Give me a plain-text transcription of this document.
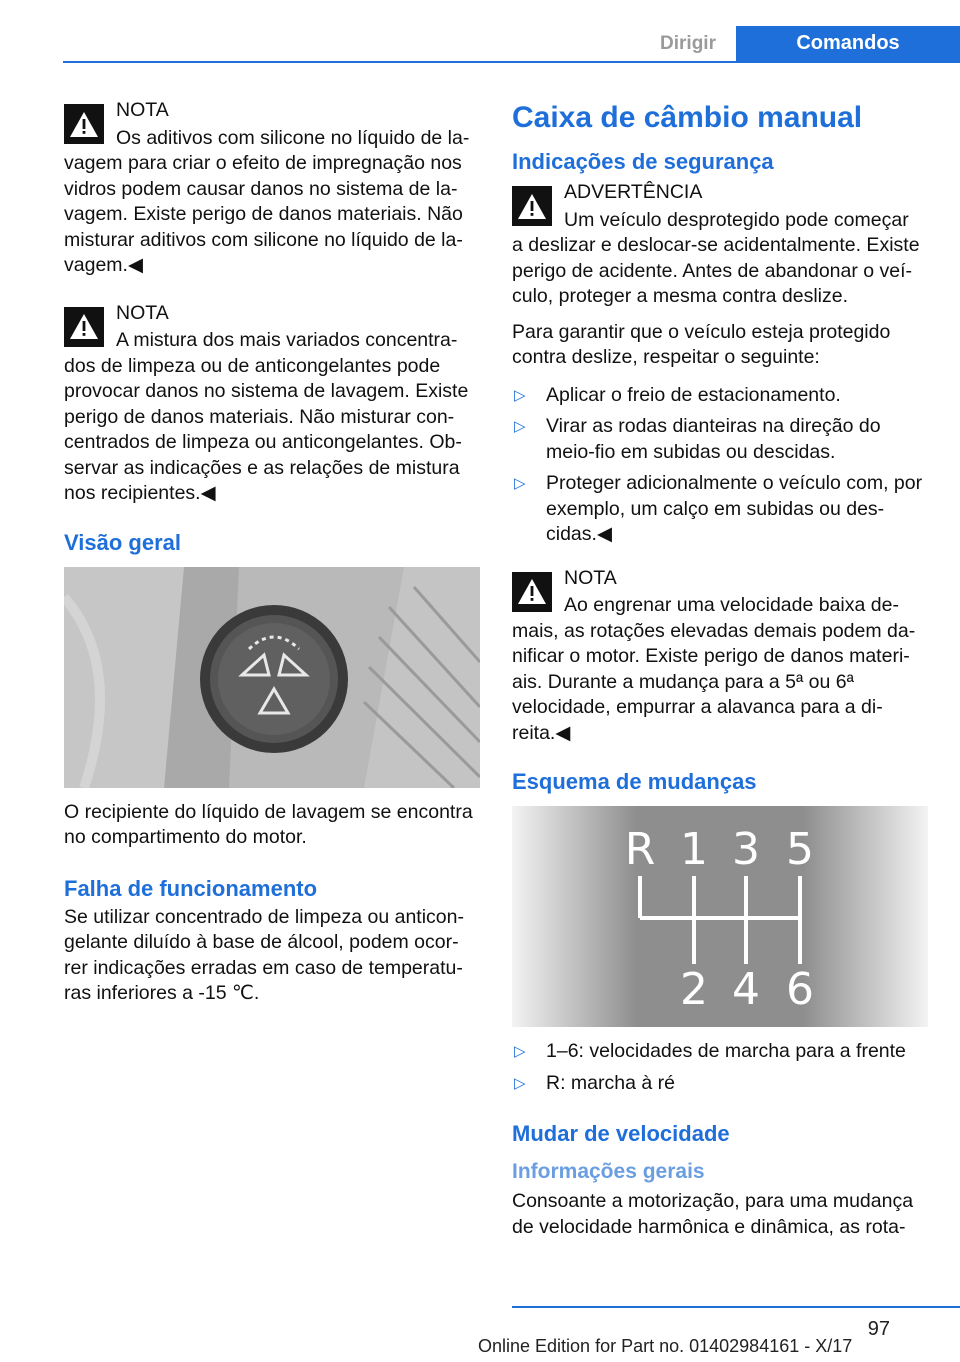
Dirigir	Comandos
NOTA
Os aditivos com silicone no líquido de la‐
vagem para criar o efeito de impregnação nos vidros podem causar danos no sistema de la‐vagem. Existe perigo de danos materiais. Não misturar aditivos com silicone no líquido de la‐vagem.◀
NOTA
A mistura dos mais variados concentra‐
dos de limpeza ou de anticongelantes pode provocar danos no sistema de lavagem. Existe perigo de danos materiais. Não misturar con‐centrados de limpeza ou anticongelantes. Ob‐servar as indicações e as relações de mistura nos recipientes.◀
Visão geral

O recipiente do líquido de lavagem se encontra no compartimento do motor.

Falha de funcionamento

Se utilizar concentrado de limpeza ou anticon‐gelante diluído à base de álcool, podem ocor‐rer indicações erradas em caso de temperatu‐ras inferiores a -15 ℃.

Caixa de câmbio manual
Indicações de segurança
ADVERTÊNCIA
Um veículo desprotegido pode começar
a deslizar e deslocar-se acidentalmente. Existe perigo de acidente. Antes de abandonar o veí‐culo, proteger a mesma contra deslize.

Para garantir que o veículo esteja protegido contra deslize, respeitar o seguinte:

▷ Aplicar o freio de estacionamento.
▷ Virar as rodas dianteiras na direção do meio-fio em subidas ou descidas.
▷ Proteger adicionalmente o veículo com, por exemplo, um calço em subidas ou des‐cidas.◀
NOTA
Ao engrenar uma velocidade baixa de‐
mais, as rotações elevadas demais podem da‐nificar o motor. Existe perigo de danos materi‐ais. Durante a mudança para a 5ª ou 6ª velocidade, empurrar a alavanca para a di‐reita.◀
Esquema de mudanças
R 1 3 5
2 4 6
▷ 1–6: velocidades de marcha para a frente
▷ R: marcha à ré
Mudar de velocidade
Informações gerais

Consoante a motorização, para uma mudança de velocidade harmônica e dinâmica, as rota‐

97
Online Edition for Part no. 01402984161 - X/17
